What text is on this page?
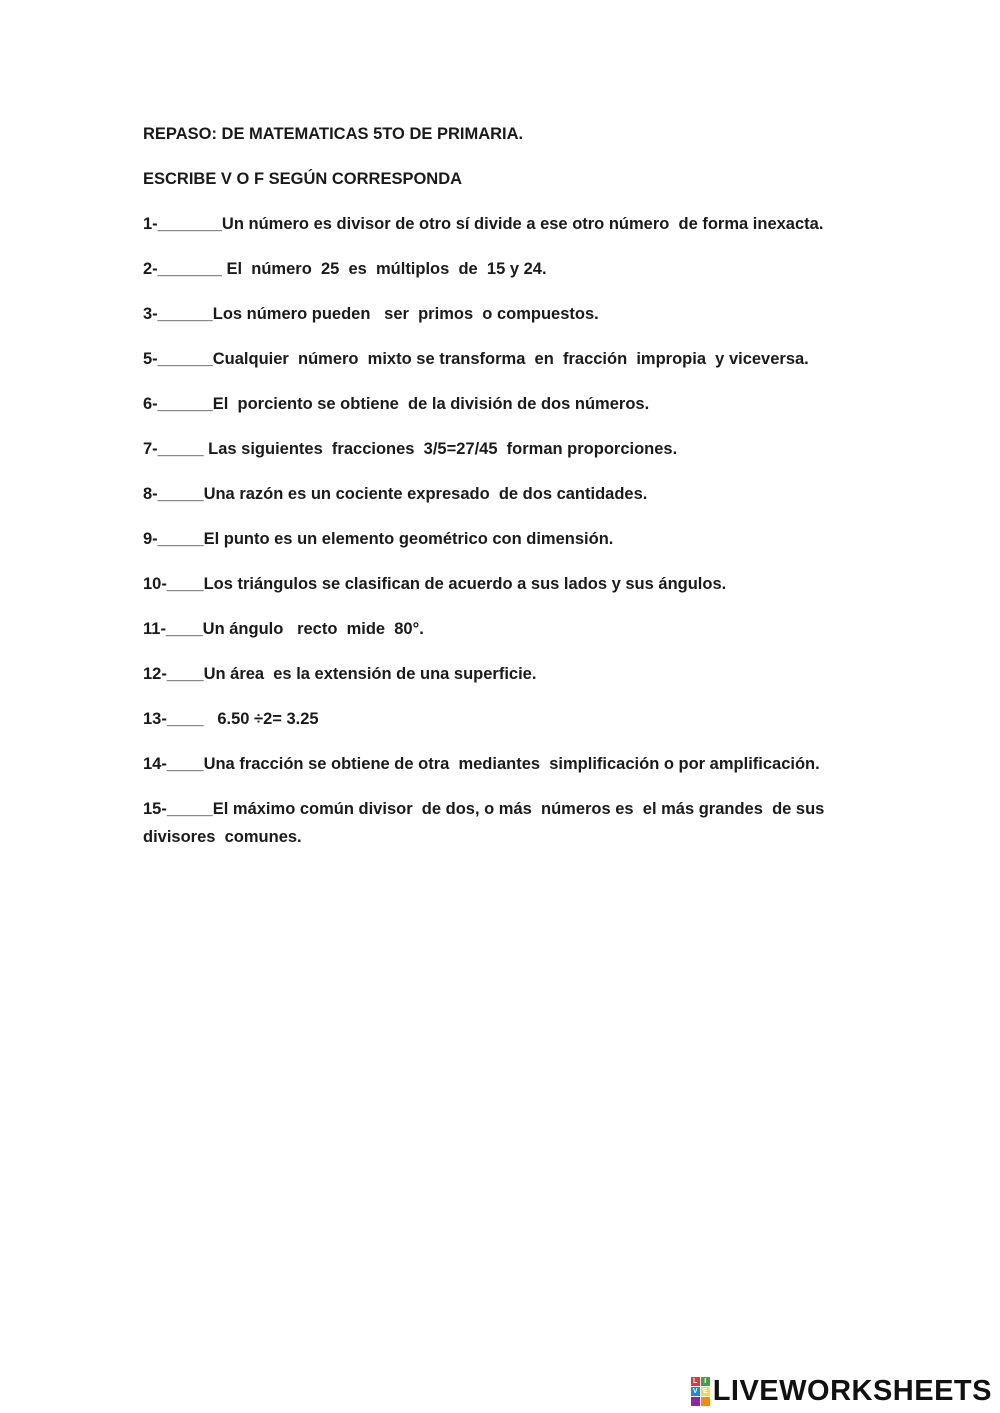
REPASO: DE MATEMATICAS 5TO DE PRIMARIA.

ESCRIBE V O F SEGÚN CORRESPONDA

1-_______Un número es divisor de otro sí divide a ese otro número  de forma inexacta.

2-_______ El  número  25  es  múltiplos  de  15 y 24.

3-______Los número pueden   ser  primos  o compuestos.

5-______Cualquier  número  mixto se transforma  en  fracción  impropia  y viceversa.

6-______El  porciento se obtiene  de la división de dos números.

7-_____ Las siguientes  fracciones  3/5=27/45  forman proporciones.

8-_____Una razón es un cociente expresado  de dos cantidades.

9-_____El punto es un elemento geométrico con dimensión.

10-____Los triángulos se clasifican de acuerdo a sus lados y sus ángulos.

11-____Un ángulo   recto  mide  80°.

12-____Un área  es la extensión de una superficie.

13-____   6.50 ÷2= 3.25

14-____Una fracción se obtiene de otra  mediantes  simplificación o por amplificación.

15-_____El máximo común divisor  de dos, o más  números es  el más grandes  de sus divisores  comunes.

L I
V E LIVEWORKSHEETS
